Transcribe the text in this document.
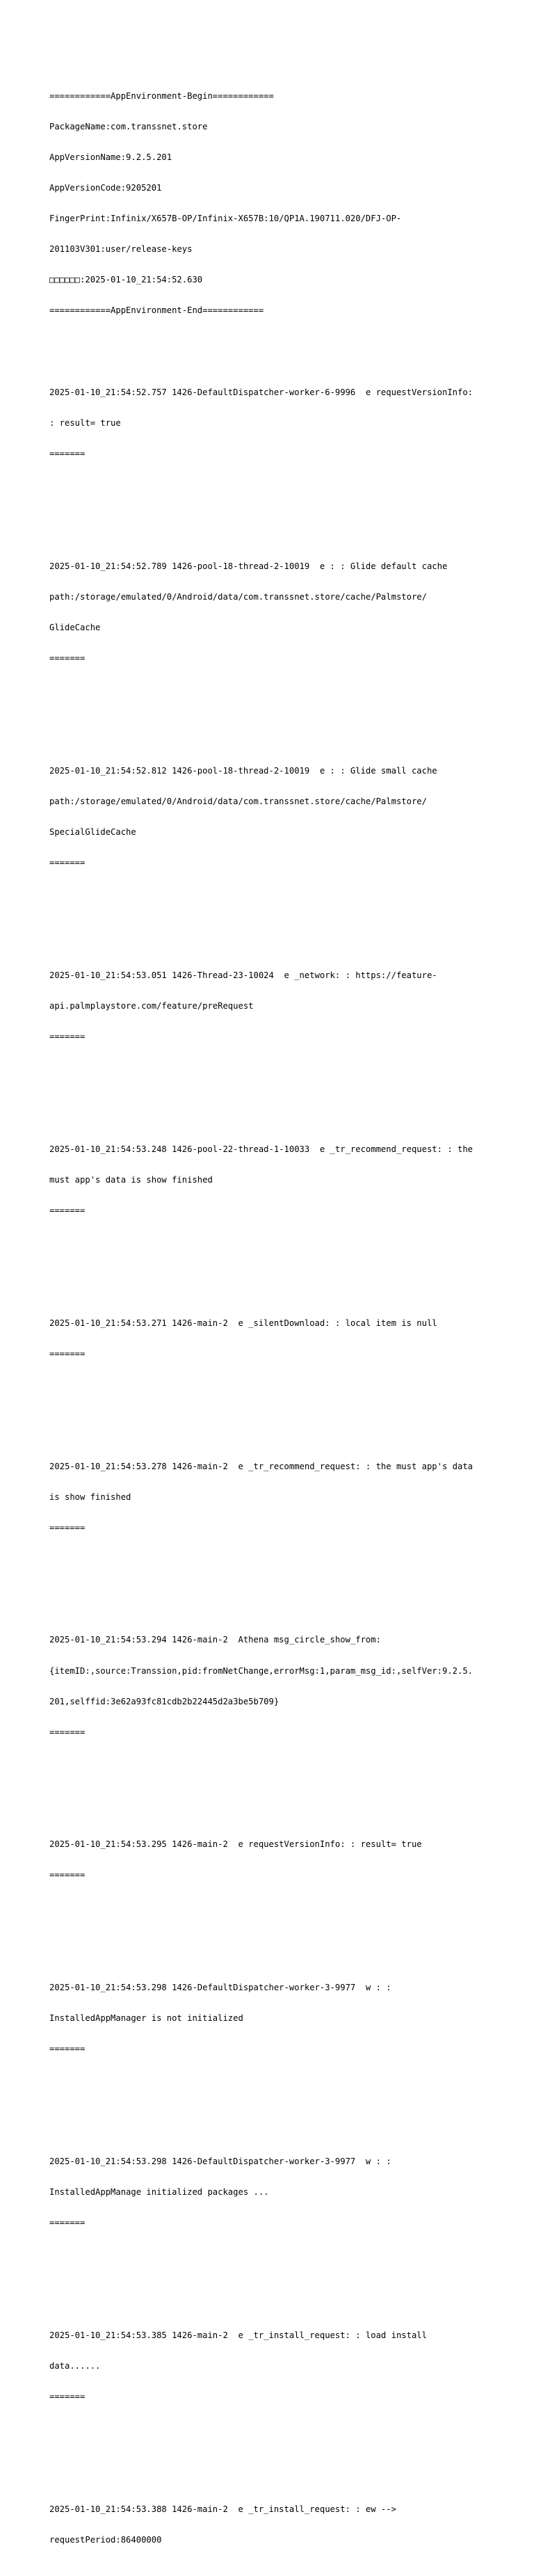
============AppEnvironment-Begin============

PackageName:com.transsnet.store

AppVersionName:9.2.5.201

AppVersionCode:9205201

FingerPrint:Infinix/X657B-OP/Infinix-X657B:10/QP1A.190711.020/DFJ-OP-

201103V301:user/release-keys

□□□□□□:2025-01-10_21:54:52.630

============AppEnvironment-End============

2025-01-10_21:54:52.757 1426-DefaultDispatcher-worker-6-9996  e requestVersionInfo:

: result= true

=======

2025-01-10_21:54:52.789 1426-pool-18-thread-2-10019  e : : Glide default cache

path:/storage/emulated/0/Android/data/com.transsnet.store/cache/Palmstore/

GlideCache

=======

2025-01-10_21:54:52.812 1426-pool-18-thread-2-10019  e : : Glide small cache

path:/storage/emulated/0/Android/data/com.transsnet.store/cache/Palmstore/

SpecialGlideCache

=======

2025-01-10_21:54:53.051 1426-Thread-23-10024  e _network: : https://feature-

api.palmplaystore.com/feature/preRequest

=======

2025-01-10_21:54:53.248 1426-pool-22-thread-1-10033  e _tr_recommend_request: : the

must app's data is show finished

=======

2025-01-10_21:54:53.271 1426-main-2  e _silentDownload: : local item is null

=======

2025-01-10_21:54:53.278 1426-main-2  e _tr_recommend_request: : the must app's data

is show finished

=======

2025-01-10_21:54:53.294 1426-main-2  Athena msg_circle_show_from:

{itemID:,source:Transsion,pid:fromNetChange,errorMsg:1,param_msg_id:,selfVer:9.2.5.

201,selffid:3e62a93fc81cdb2b22445d2a3be5b709}

=======

2025-01-10_21:54:53.295 1426-main-2  e requestVersionInfo: : result= true

=======

2025-01-10_21:54:53.298 1426-DefaultDispatcher-worker-3-9977  w : :

InstalledAppManager is not initialized

=======

2025-01-10_21:54:53.298 1426-DefaultDispatcher-worker-3-9977  w : :

InstalledAppManage initialized packages ...

=======

2025-01-10_21:54:53.385 1426-main-2  e _tr_install_request: : load install

data......

=======

2025-01-10_21:54:53.388 1426-main-2  e _tr_install_request: : ew -->

requestPeriod:86400000
